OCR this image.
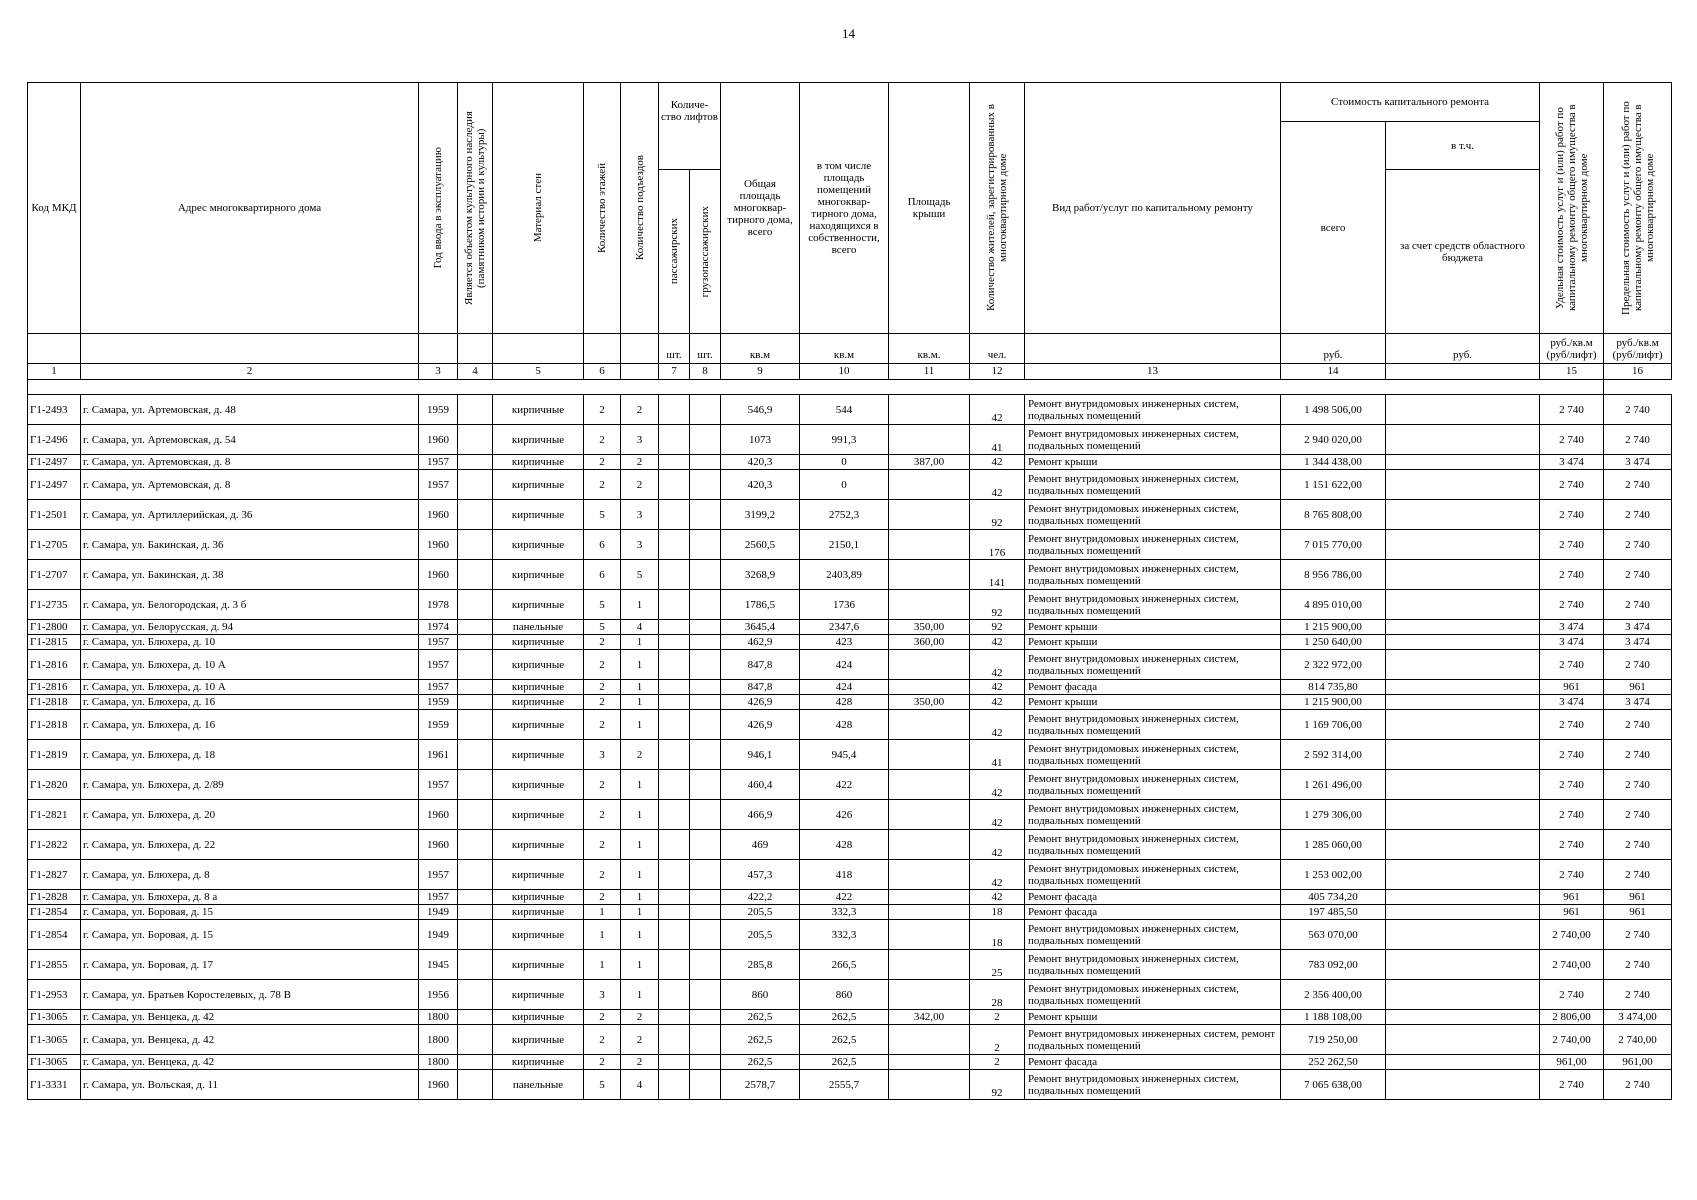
14
Код МКД	Адрес многоквартирного дома	Год ввода в эксплуатацию	Является объектом культурного наследия (памятником истории и культуры)	Материал стен	Количество этажей	Количество подъездов	Количе-ство лифтов		Общая площадь многоквар-тирного дома, всего	в том числе площадь помещений многоквар-тирного дома, находящихся в собственности, всего	Площадь крыши	Количество жителей, зарегистрированных в многоквартирном доме	Вид работ/услуг по капитальному ремонту	Стоимость капитального ремонта		Удельная стоимость услуг и (или) работ по капитальному ремонту общего имущества в многоквартирном доме	Предельная стоимость услуг и (или) работ по капитальному ремонту общего имущества в многоквартирном доме

														всего	в т.ч.		

							пассажирских	грузопассажирских							за счет средств областного бюджета		
							шт.	шт.	кв.м	кв.м	кв.м.	чел.		руб.	руб.	руб./кв.м (руб/лифт)	руб./кв.м (руб/лифт)
1	2	3	4	5	6		7	8	9	10	11	12	13	14		15	16

Г1-2493	г. Самара, ул. Артемовская, д. 48	1959		кирпичные	2	2			546,9	544		42	Ремонт внутридомовых инженерных систем, подвальных помещений	1 498 506,00		2 740	2 740
Г1-2496	г. Самара, ул. Артемовская, д. 54	1960		кирпичные	2	3			1073	991,3		41	Ремонт внутридомовых инженерных систем, подвальных помещений	2 940 020,00		2 740	2 740
Г1-2497	г. Самара, ул. Артемовская, д. 8	1957		кирпичные	2	2			420,3	0	387,00	42	Ремонт крыши	1 344 438,00		3 474	3 474
Г1-2497	г. Самара, ул. Артемовская, д. 8	1957		кирпичные	2	2			420,3	0		42	Ремонт внутридомовых инженерных систем, подвальных помещений	1 151 622,00		2 740	2 740
Г1-2501	г. Самара, ул. Артиллерийская, д. 36	1960		кирпичные	5	3			3199,2	2752,3		92	Ремонт внутридомовых инженерных систем, подвальных помещений	8 765 808,00		2 740	2 740
Г1-2705	г. Самара, ул. Бакинская, д. 36	1960		кирпичные	6	3			2560,5	2150,1		176	Ремонт внутридомовых инженерных систем, подвальных помещений	7 015 770,00		2 740	2 740
Г1-2707	г. Самара, ул. Бакинская, д. 38	1960		кирпичные	6	5			3268,9	2403,89		141	Ремонт внутридомовых инженерных систем, подвальных помещений	8 956 786,00		2 740	2 740
Г1-2735	г. Самара, ул. Белогородская, д. 3 б	1978		кирпичные	5	1			1786,5	1736		92	Ремонт внутридомовых инженерных систем, подвальных помещений	4 895 010,00		2 740	2 740
Г1-2800	г. Самара, ул. Белорусская, д. 94	1974		панельные	5	4			3645,4	2347,6	350,00	92	Ремонт крыши	1 215 900,00		3 474	3 474
Г1-2815	г. Самара, ул. Блюхера, д. 10	1957		кирпичные	2	1			462,9	423	360,00	42	Ремонт крыши	1 250 640,00		3 474	3 474
Г1-2816	г. Самара, ул. Блюхера, д. 10 А	1957		кирпичные	2	1			847,8	424		42	Ремонт внутридомовых инженерных систем, подвальных помещений	2 322 972,00		2 740	2 740
Г1-2816	г. Самара, ул. Блюхера, д. 10 А	1957		кирпичные	2	1			847,8	424		42	Ремонт фасада	814 735,80		961	961
Г1-2818	г. Самара, ул. Блюхера, д. 16	1959		кирпичные	2	1			426,9	428	350,00	42	Ремонт крыши	1 215 900,00		3 474	3 474
Г1-2818	г. Самара, ул. Блюхера, д. 16	1959		кирпичные	2	1			426,9	428		42	Ремонт внутридомовых инженерных систем, подвальных помещений	1 169 706,00		2 740	2 740
Г1-2819	г. Самара, ул. Блюхера, д. 18	1961		кирпичные	3	2			946,1	945,4		41	Ремонт внутридомовых инженерных систем, подвальных помещений	2 592 314,00		2 740	2 740
Г1-2820	г. Самара, ул. Блюхера, д. 2/89	1957		кирпичные	2	1			460,4	422		42	Ремонт внутридомовых инженерных систем, подвальных помещений	1 261 496,00		2 740	2 740
Г1-2821	г. Самара, ул. Блюхера, д. 20	1960		кирпичные	2	1			466,9	426		42	Ремонт внутридомовых инженерных систем, подвальных помещений	1 279 306,00		2 740	2 740
Г1-2822	г. Самара, ул. Блюхера, д. 22	1960		кирпичные	2	1			469	428		42	Ремонт внутридомовых инженерных систем, подвальных помещений	1 285 060,00		2 740	2 740
Г1-2827	г. Самара, ул. Блюхера, д. 8	1957		кирпичные	2	1			457,3	418		42	Ремонт внутридомовых инженерных систем, подвальных помещений	1 253 002,00		2 740	2 740
Г1-2828	г. Самара, ул. Блюхера, д. 8 а	1957		кирпичные	2	1			422,2	422		42	Ремонт фасада	405 734,20		961	961
Г1-2854	г. Самара, ул. Боровая, д. 15	1949		кирпичные	1	1			205,5	332,3		18	Ремонт фасада	197 485,50		961	961
Г1-2854	г. Самара, ул. Боровая, д. 15	1949		кирпичные	1	1			205,5	332,3		18	Ремонт внутридомовых инженерных систем, подвальных помещений	563 070,00		2 740,00	2 740
Г1-2855	г. Самара, ул. Боровая, д. 17	1945		кирпичные	1	1			285,8	266,5		25	Ремонт внутридомовых инженерных систем, подвальных помещений	783 092,00		2 740,00	2 740
Г1-2953	г. Самара, ул. Братьев Коростелевых, д. 78 В	1956		кирпичные	3	1			860	860		28	Ремонт внутридомовых инженерных систем, подвальных помещений	2 356 400,00		2 740	2 740
Г1-3065	г. Самара, ул. Венцека, д. 42	1800		кирпичные	2	2			262,5	262,5	342,00	2	Ремонт крыши	1 188 108,00		2 806,00	3 474,00
Г1-3065	г. Самара, ул. Венцека, д. 42	1800		кирпичные	2	2			262,5	262,5		2	Ремонт внутридомовых инженерных систем, ремонт подвальных помещений	719 250,00		2 740,00	2 740,00
Г1-3065	г. Самара, ул. Венцека, д. 42	1800		кирпичные	2	2			262,5	262,5		2	Ремонт фасада	252 262,50		961,00	961,00
Г1-3331	г. Самара, ул. Вольская, д. 11	1960		панельные	5	4			2578,7	2555,7		92	Ремонт внутридомовых инженерных систем, подвальных помещений	7 065 638,00		2 740	2 740
